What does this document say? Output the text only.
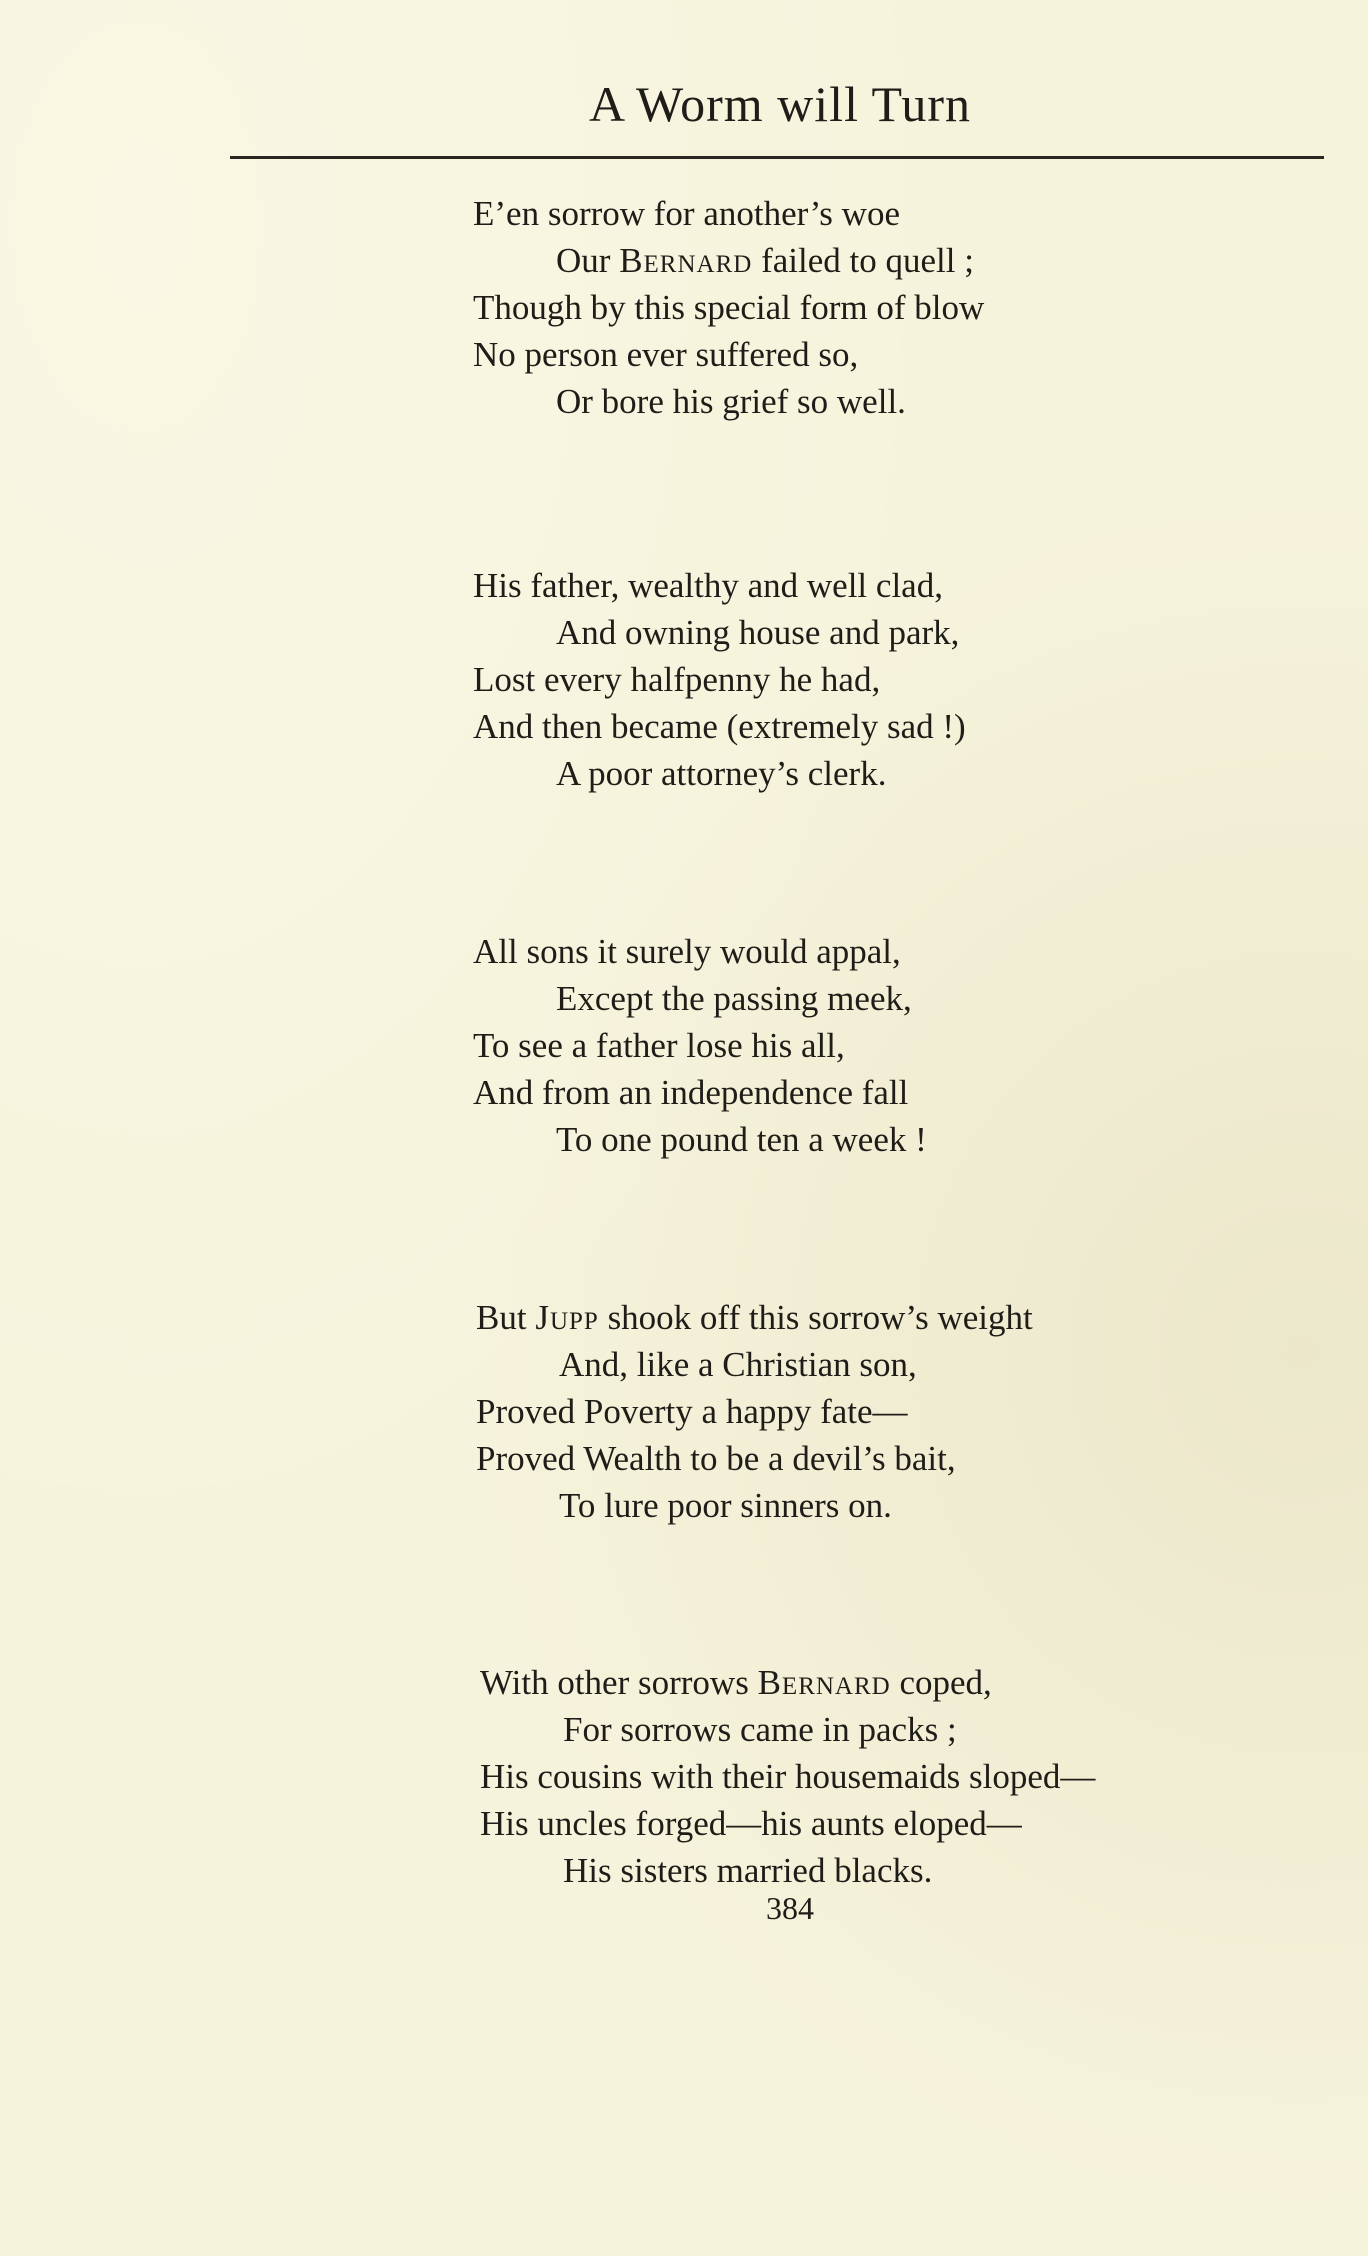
A Worm will Turn
E’en sorrow for another’s woe
Our Bernard failed to quell ;
Though by this special form of blow
No person ever suffered so,
Or bore his grief so well.
His father, wealthy and well clad,
And owning house and park,
Lost every halfpenny he had,
And then became (extremely sad !)
A poor attorney’s clerk.
All sons it surely would appal,
Except the passing meek,
To see a father lose his all,
And from an independence fall
To one pound ten a week !
But Jupp shook off this sorrow’s weight
And, like a Christian son,
Proved Poverty a happy fate—
Proved Wealth to be a devil’s bait,
To lure poor sinners on.
With other sorrows Bernard coped,
For sorrows came in packs ;
His cousins with their housemaids sloped—
His uncles forged—his aunts eloped—
His sisters married blacks.
384
